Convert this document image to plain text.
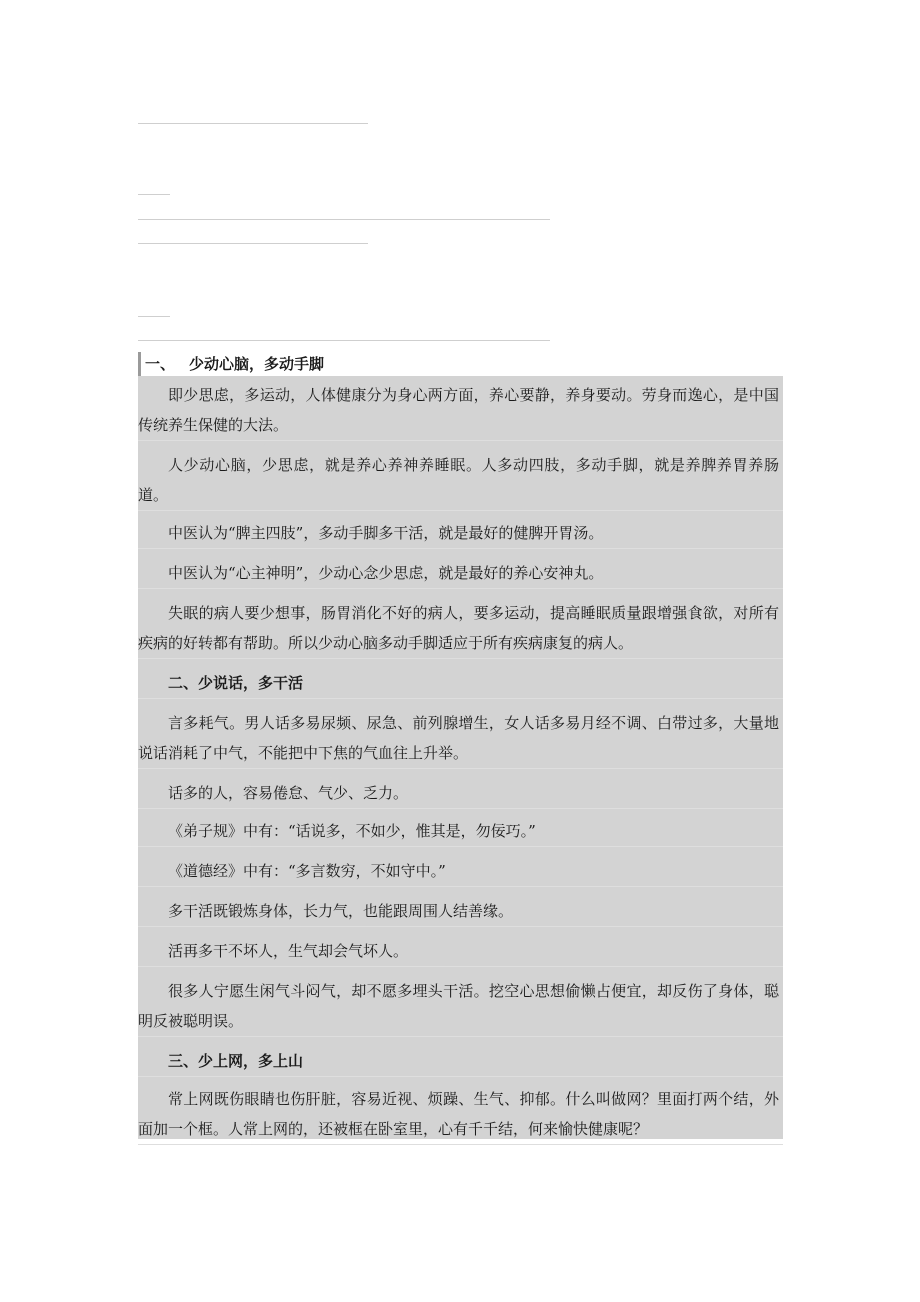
一、 少动心脑，多动手脚
即少思虑，多运动，人体健康分为身心两方面，养心要静，养身要动。劳身而逸心，是中国传统养生保健的大法。
人少动心脑，少思虑，就是养心养神养睡眠。人多动四肢，多动手脚，就是养脾养胃养肠道。
中医认为“脾主四肢”，多动手脚多干活，就是最好的健脾开胃汤。
中医认为“心主神明”，少动心念少思虑，就是最好的养心安神丸。
失眠的病人要少想事，肠胃消化不好的病人，要多运动，提高睡眠质量跟增强食欲，对所有疾病的好转都有帮助。所以少动心脑多动手脚适应于所有疾病康复的病人。
二、少说话，多干活
言多耗气。男人话多易尿频、尿急、前列腺增生，女人话多易月经不调、白带过多，大量地说话消耗了中气，不能把中下焦的气血往上升举。
话多的人，容易倦怠、气少、乏力。
《弟子规》中有：“话说多，不如少，惟其是，勿佞巧。”
《道德经》中有：“多言数穷，不如守中。”
多干活既锻炼身体，长力气，也能跟周围人结善缘。
活再多干不坏人，生气却会气坏人。
很多人宁愿生闲气斗闷气，却不愿多埋头干活。挖空心思想偷懒占便宜，却反伤了身体，聪明反被聪明误。
三、少上网，多上山
常上网既伤眼睛也伤肝脏，容易近视、烦躁、生气、抑郁。什么叫做网？里面打两个结，外面加一个框。人常上网的，还被框在卧室里，心有千千结，何来愉快健康呢？
